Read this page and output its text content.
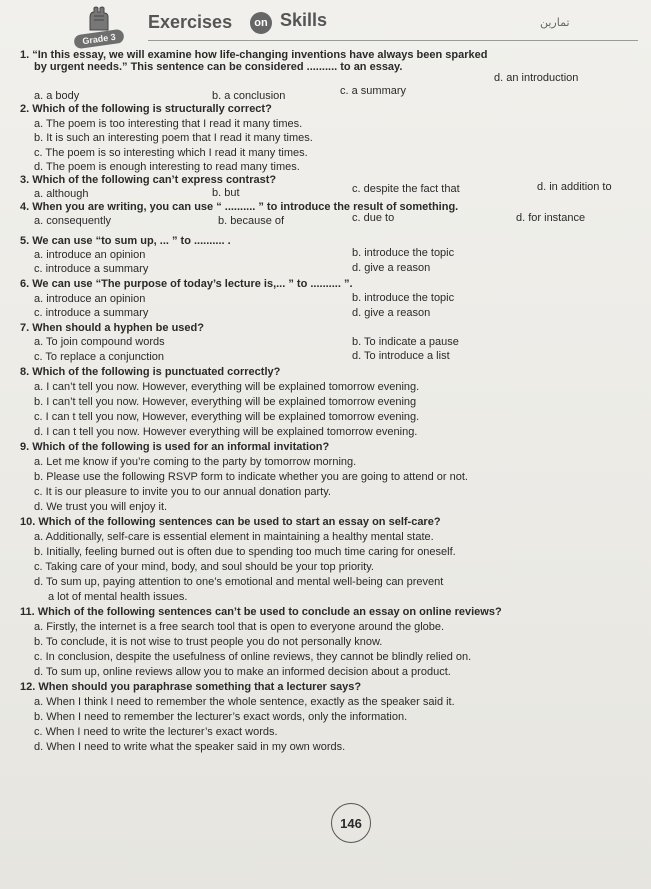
Grade 3
Exercises	on Skills	تمارين
1. “In this essay, we will examine how life-changing inventions have always been sparked
by urgent needs.” This sentence can be considered .......... to an essay.
a. a body	b. a conclusion	c. a summary
d. an introduction
2. Which of the following is structurally correct?
a. The poem is too interesting that I read it many times.
b. It is such an interesting poem that I read it many times.
c. The poem is so interesting which I read it many times.
d. The poem is enough interesting to read many times.
3. Which of the following can’t express contrast?
a. although	b. but	c. despite the fact that	d. in addition to
4. When you are writing, you can use “ .......... ” to introduce the result of something.
a. consequently	b. because of	c. due to	d. for instance
5. We can use “to sum up, ... ” to .......... .
a. introduce an opinion	b. introduce the topic
c. introduce a summary	d. give a reason
6. We can use “The purpose of today’s lecture is,... ” to .......... ”.
a. introduce an opinion	b. introduce the topic
c. introduce a summary	d. give a reason
7. When should a hyphen be used?
a. To join compound words	b. To indicate a pause
c. To replace a conjunction	d. To introduce a list
8. Which of the following is punctuated correctly?
a. I can’t tell you now. However, everything will be explained tomorrow evening.
b. I can’t tell you now. However, everything will be explained tomorrow evening
c. I can t tell you now, However, everything will be explained tomorrow evening.
d. I can t tell you now. However everything will be explained tomorrow evening.
9. Which of the following is used for an informal invitation?
a. Let me know if you’re coming to the party by tomorrow morning.
b. Please use the following RSVP form to indicate whether you are going to attend or not.
c. It is our pleasure to invite you to our annual donation party.
d. We trust you will enjoy it.
10. Which of the following sentences can be used to start an essay on self-care?
a. Additionally, self-care is essential element in maintaining a healthy mental state.
b. Initially, feeling burned out is often due to spending too much time caring for oneself.
c. Taking care of your mind, body, and soul should be your top priority.
d. To sum up, paying attention to one’s emotional and mental well-being can prevent
a lot of mental health issues.
11. Which of the following sentences can’t be used to conclude an essay on online reviews?
a. Firstly, the internet is a free search tool that is open to everyone around the globe.
b. To conclude, it is not wise to trust people you do not personally know.
c. In conclusion, despite the usefulness of online reviews, they cannot be blindly relied on.
d. To sum up, online reviews allow you to make an informed decision about a product.
12. When should you paraphrase something that a lecturer says?
a. When I think I need to remember the whole sentence, exactly as the speaker said it.
b. When I need to remember the lecturer’s exact words, only the information.
c. When I need to write the lecturer’s exact words.
d. When I need to write what the speaker said in my own words.
146
